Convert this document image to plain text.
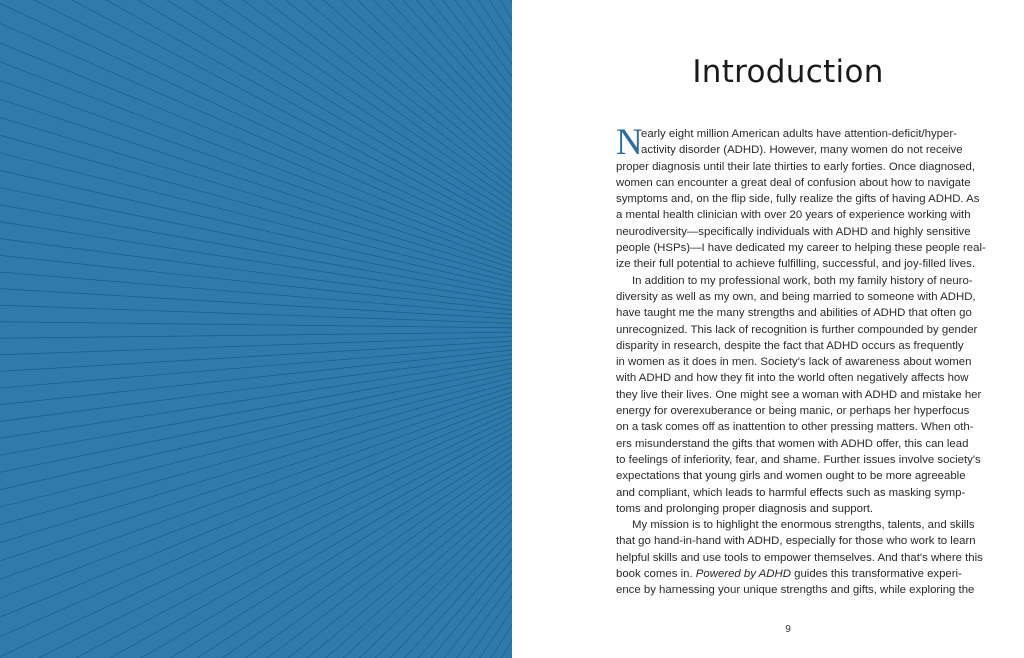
Introduction
N
early eight million American adults have attention-deficit/hyper-
activity disorder (ADHD). However, many women do not receive
proper diagnosis until their late thirties to early forties. Once diagnosed,
women can encounter a great deal of confusion about how to navigate
symptoms and, on the flip side, fully realize the gifts of having ADHD. As
a mental health clinician with over 20 years of experience working with
neurodiversity—specifically individuals with ADHD and highly sensitive
people (HSPs)—I have dedicated my career to helping these people real-
ize their full potential to achieve fulfilling, successful, and joy-filled lives.
In addition to my professional work, both my family history of neuro-
diversity as well as my own, and being married to someone with ADHD,
have taught me the many strengths and abilities of ADHD that often go
unrecognized. This lack of recognition is further compounded by gender
disparity in research, despite the fact that ADHD occurs as frequently
in women as it does in men. Society's lack of awareness about women
with ADHD and how they fit into the world often negatively affects how
they live their lives. One might see a woman with ADHD and mistake her
energy for overexuberance or being manic, or perhaps her hyperfocus
on a task comes off as inattention to other pressing matters. When oth-
ers misunderstand the gifts that women with ADHD offer, this can lead
to feelings of inferiority, fear, and shame. Further issues involve society's
expectations that young girls and women ought to be more agreeable
and compliant, which leads to harmful effects such as masking symp-
toms and prolonging proper diagnosis and support.
My mission is to highlight the enormous strengths, talents, and skills
that go hand-in-hand with ADHD, especially for those who work to learn
helpful skills and use tools to empower themselves. And that's where this
book comes in. Powered by ADHD guides this transformative experi-
ence by harnessing your unique strengths and gifts, while exploring the
9
